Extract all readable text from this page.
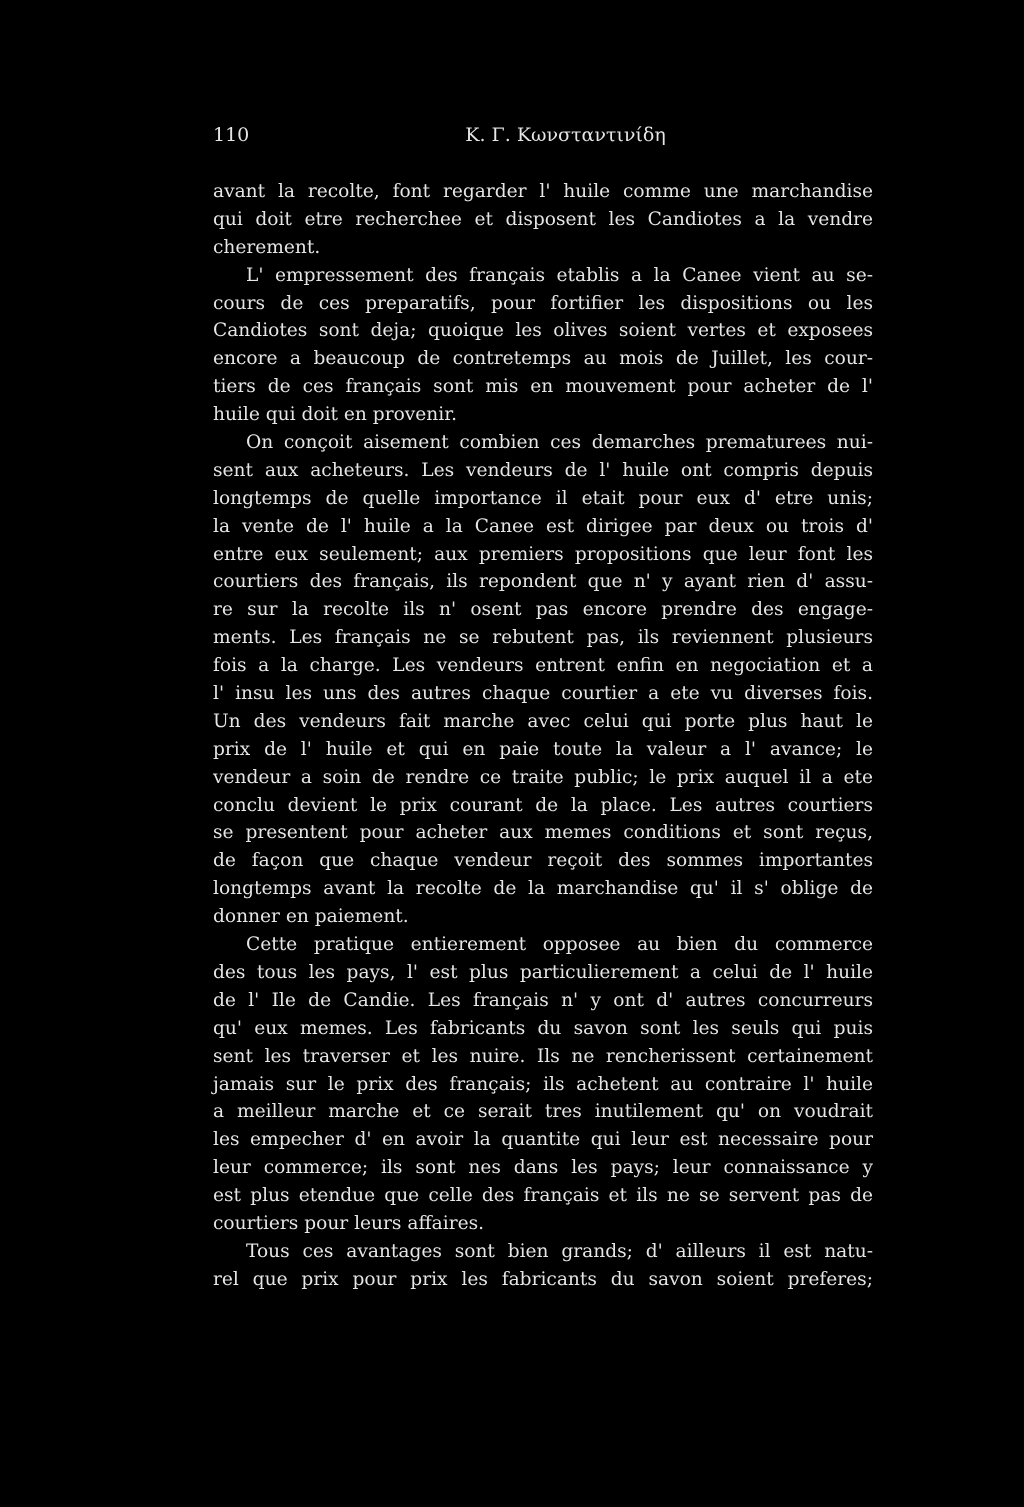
110	Κ. Γ. Κωνσταντινίδη
avant la recolte, font regarder l' huile comme une marchandise
qui doit etre recherchee et disposent les Candiotes a la vendre
cherement.
L' empressement des français etablis a la Canee vient au se-
cours de ces preparatifs, pour fortifier les dispositions ou les
Candiotes sont deja; quoique les olives soient vertes et exposees
encore a beaucoup de contretemps au mois de Juillet, les cour-
tiers de ces français sont mis en mouvement pour acheter de l'
huile qui doit en provenir.
On conçoit aisement combien ces demarches prematurees nui-
sent aux acheteurs. Les vendeurs de l' huile ont compris depuis
longtemps de quelle importance il etait pour eux d' etre unis;
la vente de l' huile a la Canee est dirigee par deux ou trois d'
entre eux seulement; aux premiers propositions que leur font les
courtiers des français, ils repondent que n' y ayant rien d' assu-
re sur la recolte ils n' osent pas encore prendre des engage-
ments. Les français ne se rebutent pas, ils reviennent plusieurs
fois a la charge. Les vendeurs entrent enfin en negociation et a
l' insu les uns des autres chaque courtier a ete vu diverses fois.
Un des vendeurs fait marche avec celui qui porte plus haut le
prix de l' huile et qui en paie toute la valeur a l' avance; le
vendeur a soin de rendre ce traite public; le prix auquel il a ete
conclu devient le prix courant de la place. Les autres courtiers
se presentent pour acheter aux memes conditions et sont reçus,
de façon que chaque vendeur reçoit des sommes importantes
longtemps avant la recolte de la marchandise qu' il s' oblige de
donner en paiement.
Cette pratique entierement opposee au bien du commerce
des tous les pays, l' est plus particulierement a celui de l' huile
de l' Ile de Candie. Les français n' y ont d' autres concurreurs
qu' eux memes. Les fabricants du savon sont les seuls qui puis
sent les traverser et les nuire. Ils ne rencherissent certainement
jamais sur le prix des français; ils achetent au contraire l' huile
a meilleur marche et ce serait tres inutilement qu' on voudrait
les empecher d' en avoir la quantite qui leur est necessaire pour
leur commerce; ils sont nes dans les pays; leur connaissance y
est plus etendue que celle des français et ils ne se servent pas de
courtiers pour leurs affaires.
Tous ces avantages sont bien grands; d' ailleurs il est natu-
rel que prix pour prix les fabricants du savon soient preferes;
